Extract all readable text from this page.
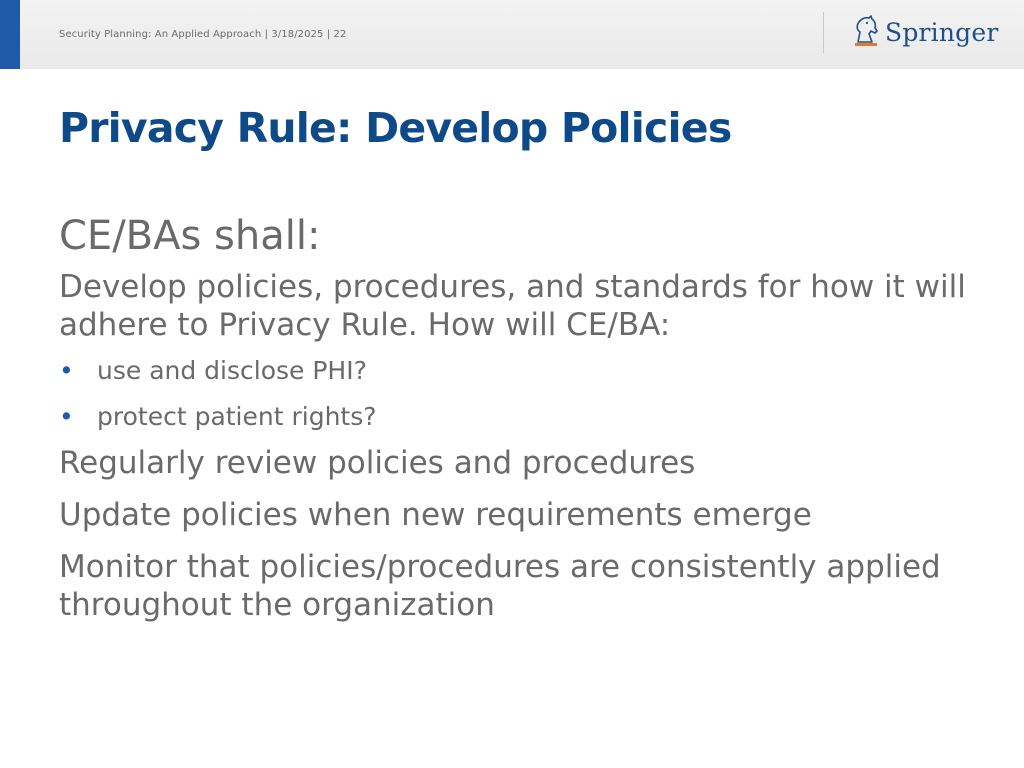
Security Planning: An Applied Approach | 3/18/2025 | 22	Springer
Privacy Rule: Develop Policies
CE/BAs shall:

Develop policies, procedures, and standards for how it will adhere to Privacy Rule. How will CE/BA:

• use and disclose PHI?
• protect patient rights?

Regularly review policies and procedures

Update policies when new requirements emerge

Monitor that policies/procedures are consistently applied throughout the organization
